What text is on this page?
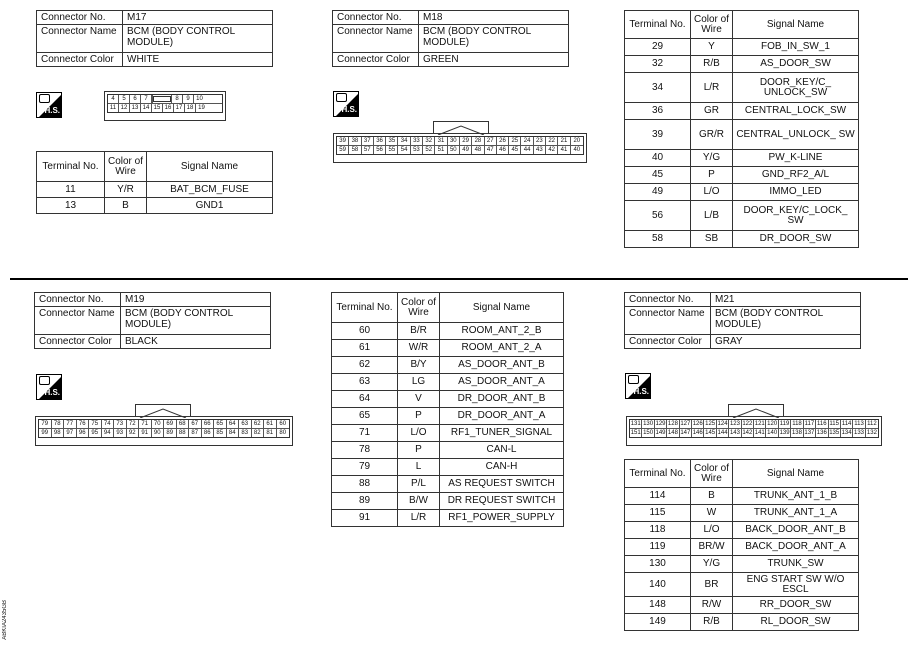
Connector No.	M17
Connector Name	BCM (BODY CONTROL MODULE)
Connector Color	WHITE
H.S.
4	5	6	7	8	9	10
11 12 13 14 15 16 17 18 19
Terminal No.	Color of Wire	Signal Name
11	Y/R	BAT_BCM_FUSE
13	B	GND1
Connector No.	M18
Connector Name	BCM (BODY CONTROL MODULE)
Connector Color	GREEN
H.S.
39 38 37 36 35 34 33 32 31 30 29 28 27 26 25 24 23 22 21	20
59 58 57 56 55 54 53 52 51 50 49 48 47 46 45 44 43 42 41	40
Terminal No.	Color of Wire	Signal Name
29	Y	FOB_IN_SW_1
32	R/B	AS_DOOR_SW
34	L/R	DOOR_KEY/C_ UNLOCK_SW
36	GR	CENTRAL_LOCK_SW
39	GR/R	CENTRAL_UNLOCK_ SW
40	Y/G	PW_K-LINE
45	P	GND_RF2_A/L
49	L/O	IMMO_LED
56	L/B	DOOR_KEY/C_LOCK_ SW
58	SB	DR_DOOR_SW
Connector No.	M19
Connector Name	BCM (BODY CONTROL MODULE)
Connector Color	BLACK
H.S.
79 78 77 76 75 74 73 72 71 70 69 68 67 66 65 64 63 62 61	60
99 98 97 96 95 94 93 92 91 90 89 88 87 86 85 84 83 82 81	80
Terminal No.	Color of Wire	Signal Name
60	B/R	ROOM_ANT_2_B
61	W/R	ROOM_ANT_2_A
62	B/Y	AS_DOOR_ANT_B
63	LG	AS_DOOR_ANT_A
64	V	DR_DOOR_ANT_B
65	P	DR_DOOR_ANT_A
71	L/O	RF1_TUNER_SIGNAL
78	P	CAN-L
79	L	CAN-H
88	P/L	AS REQUEST SWITCH
89	B/W	DR REQUEST SWITCH
91	L/R	RF1_POWER_SUPPLY
Connector No.	M21
Connector Name	BCM (BODY CONTROL MODULE)
Connector Color	GRAY
H.S.
131 130 129 128 127 126 125 124 123 122 121 120 119 118 117 116 115 114 113 112
151 150 149 148 147 146 145 144 143 142 141 140 139 138 137 136 135 134 133 132
Terminal No.	Color of Wire	Signal Name
114	B	TRUNK_ANT_1_B
115	W	TRUNK_ANT_1_A
118	L/O	BACK_DOOR_ANT_B
119	BR/W	BACK_DOOR_ANT_A
130	Y/G	TRUNK_SW
140	BR	ENG START SW W/O ESCL
148	R/W	RR_DOOR_SW
149	R/B	RL_DOOR_SW
ABKIA2435GB
